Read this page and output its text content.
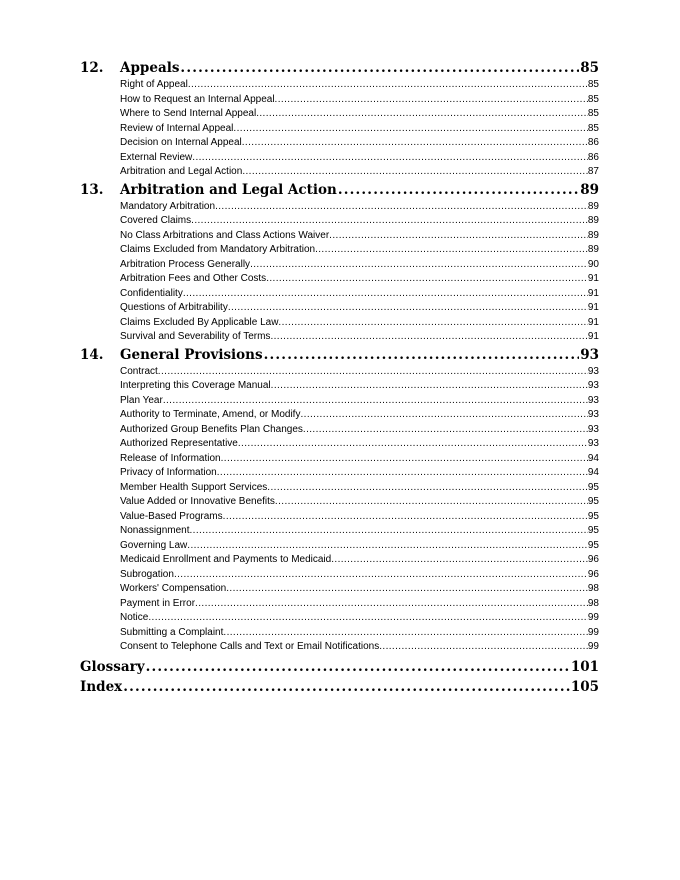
12.	Appeals .....	85
Right of Appeal .....	85
How to Request an Internal Appeal .....	85
Where to Send Internal Appeal .....	85
Review of Internal Appeal .....	85
Decision on Internal Appeal .....	86
External Review .....	86
Arbitration and Legal Action .....	87
13.	Arbitration and Legal Action .....	89
Mandatory Arbitration .....	89
Covered Claims .....	89
No Class Arbitrations and Class Actions Waiver .....	89
Claims Excluded from Mandatory Arbitration .....	89
Arbitration Process Generally .....	90
Arbitration Fees and Other Costs .....	91
Confidentiality .....	91
Questions of Arbitrability .....	91
Claims Excluded By Applicable Law .....	91
Survival and Severability of Terms .....	91
14.	General Provisions .....	93
Contract .....	93
Interpreting this Coverage Manual .....	93
Plan Year .....	93
Authority to Terminate, Amend, or Modify .....	93
Authorized Group Benefits Plan Changes .....	93
Authorized Representative .....	93
Release of Information .....	94
Privacy of Information .....	94
Member Health Support Services .....	95
Value Added or Innovative Benefits .....	95
Value-Based Programs .....	95
Nonassignment .....	95
Governing Law .....	95
Medicaid Enrollment and Payments to Medicaid .....	96
Subrogation .....	96
Workers' Compensation .....	98
Payment in Error .....	98
Notice .....	99
Submitting a Complaint .....	99
Consent to Telephone Calls and Text or Email Notifications .....	99
Glossary .....	101
Index .....	105
